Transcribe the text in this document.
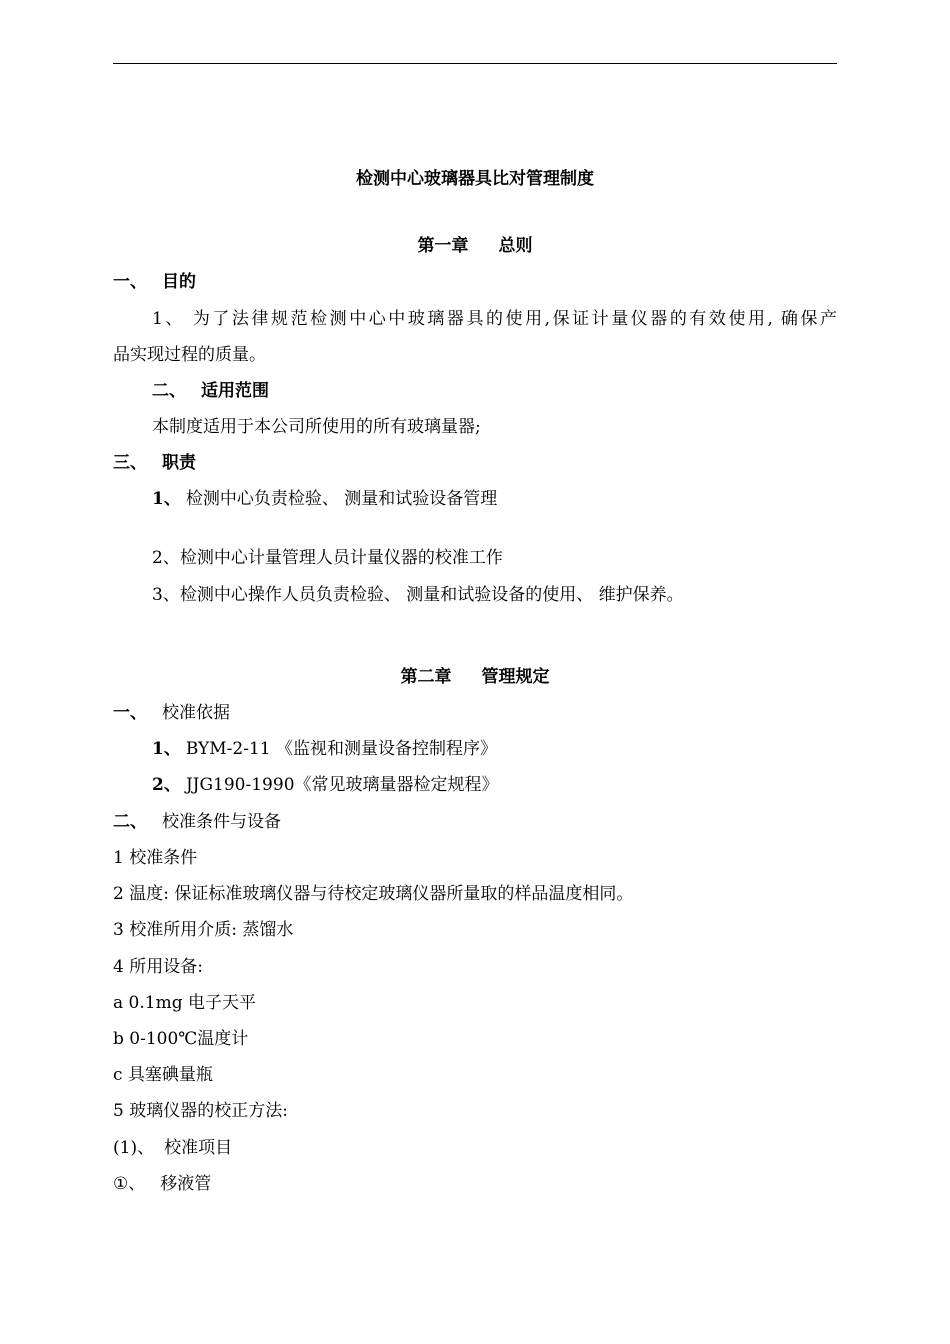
检测中心玻璃器具比对管理制度
第一章 总则
一、 目的
1、 为了法律规范检测中心中玻璃器具的使用,保证计量仪器的有效使用, 确保产
品实现过程的质量。
二、 适用范围
本制度适用于本公司所使用的所有玻璃量器;
三、 职责
1、 检测中心负责检验、 测量和试验设备管理
2、检测中心计量管理人员计量仪器的校准工作
3、检测中心操作人员负责检验、 测量和试验设备的使用、 维护保养。
第二章 管理规定
一、 校准依据
1、 BYM-2-11 《监视和测量设备控制程序》
2、 JJG190-1990《常见玻璃量器检定规程》
二、 校准条件与设备
1 校准条件
2 温度: 保证标准玻璃仪器与待校定玻璃仪器所量取的样品温度相同。
3 校准所用介质: 蒸馏水
4 所用设备:
a 0.1mg 电子天平
b 0-100℃温度计
c 具塞碘量瓶
5 玻璃仪器的校正方法:
(1)、 校准项目
①、 移液管
